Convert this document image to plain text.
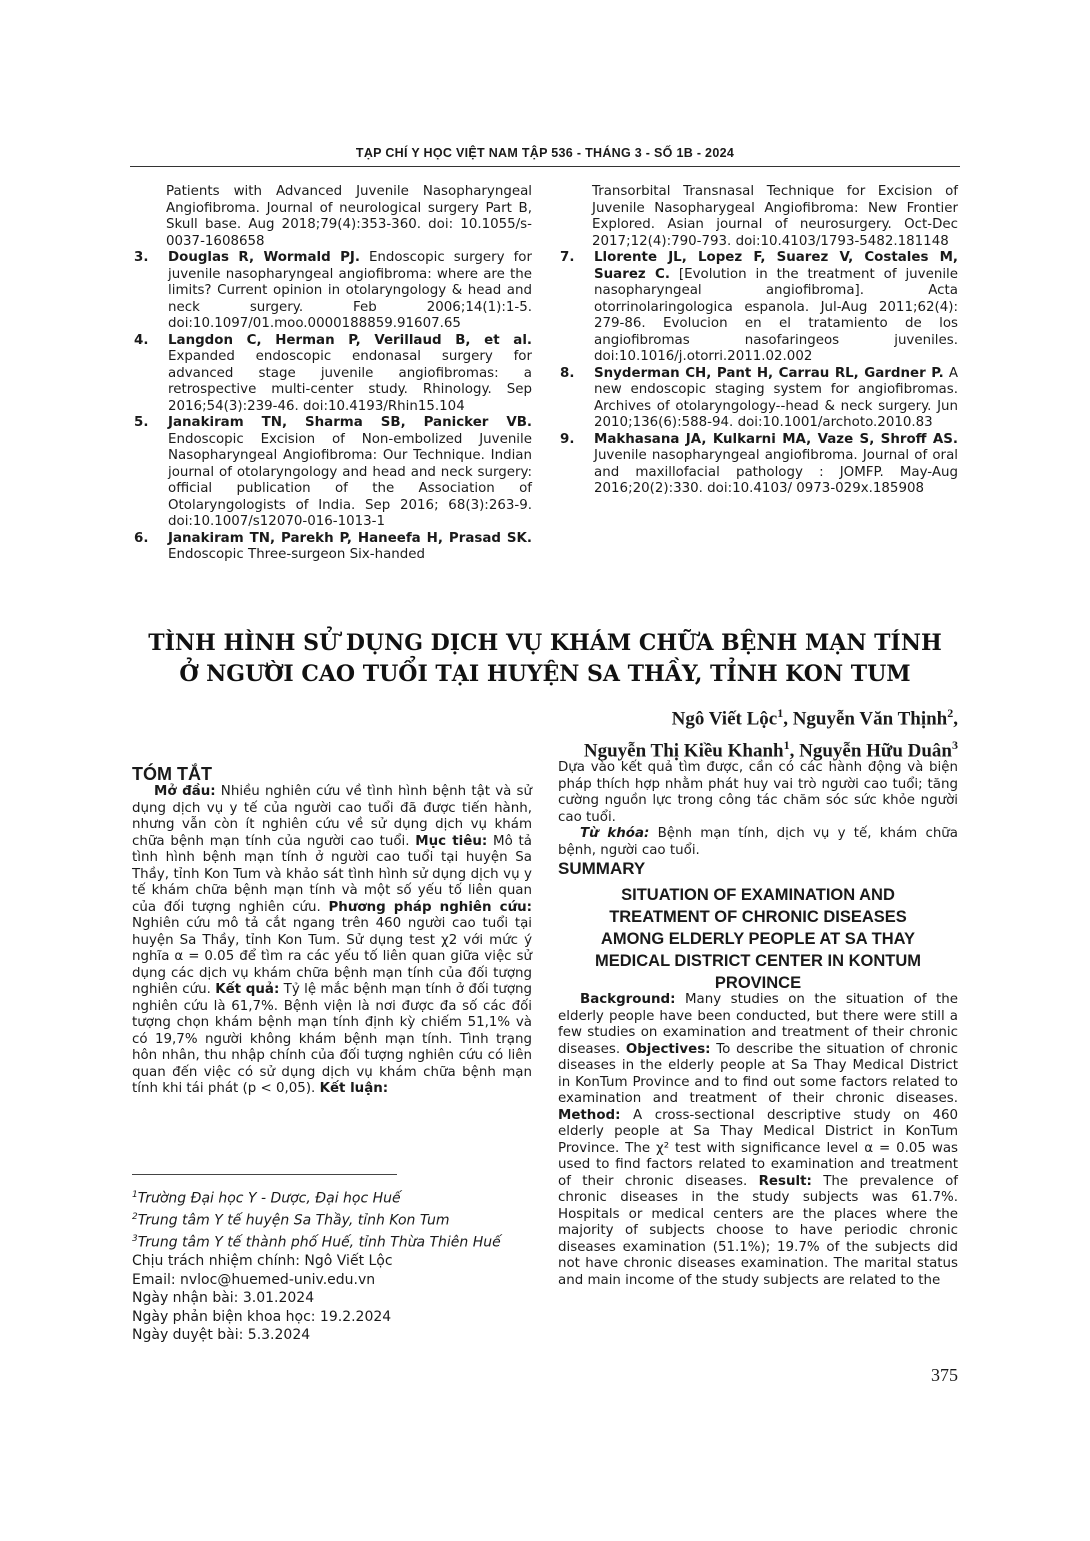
TẠP CHÍ Y HỌC VIỆT NAM TẬP 536 - THÁNG 3 - SỐ 1B - 2024
Patients with Advanced Juvenile Nasopharyngeal Angiofibroma. Journal of neurological surgery Part B, Skull base. Aug 2018;79(4):353-360. doi: 10.1055/s-0037-1608658
3.	Douglas R, Wormald PJ. Endoscopic surgery for juvenile nasopharyngeal angiofibroma: where are the limits? Current opinion in otolaryngology & head and neck surgery. Feb 2006;14(1):1-5. doi:10.1097/01.moo.0000188859.91607.65
4.	Langdon C, Herman P, Verillaud B, et al. Expanded endoscopic endonasal surgery for advanced stage juvenile angiofibromas: a retrospective multi-center study. Rhinology. Sep 2016;54(3):239-46. doi:10.4193/Rhin15.104
5.	Janakiram TN, Sharma SB, Panicker VB. Endoscopic Excision of Non-embolized Juvenile Nasopharyngeal Angiofibroma: Our Technique. Indian journal of otolaryngology and head and neck surgery: official publication of the Association of Otolaryngologists of India. Sep 2016; 68(3):263-9. doi:10.1007/s12070-016-1013-1
6.	Janakiram TN, Parekh P, Haneefa H, Prasad SK. Endoscopic Three-surgeon Six-handed
Transorbital Transnasal Technique for Excision of Juvenile Nasopharygeal Angiofibroma: New Frontier Explored. Asian journal of neurosurgery. Oct-Dec 2017;12(4):790-793. doi:10.4103/1793-5482.181148
7.	Llorente JL, Lopez F, Suarez V, Costales M, Suarez C. [Evolution in the treatment of juvenile nasopharyngeal angiofibroma]. Acta otorrinolaringologica espanola. Jul-Aug 2011;62(4): 279-86. Evolucion en el tratamiento de los angiofibromas nasofaringeos juveniles. doi:10.1016/j.otorri.2011.02.002
8.	Snyderman CH, Pant H, Carrau RL, Gardner P. A new endoscopic staging system for angiofibromas. Archives of otolaryngology--head & neck surgery. Jun 2010;136(6):588-94. doi:10.1001/archoto.2010.83
9.	Makhasana JA, Kulkarni MA, Vaze S, Shroff AS. Juvenile nasopharyngeal angiofibroma. Journal of oral and maxillofacial pathology : JOMFP. May-Aug 2016;20(2):330. doi:10.4103/ 0973-029x.185908
TÌNH HÌNH SỬ DỤNG DỊCH VỤ KHÁM CHỮA BỆNH MẠN TÍNH
Ở NGƯỜI CAO TUỔI TẠI HUYỆN SA THẦY, TỈNH KON TUM
Ngô Viết Lộc$^1$, Nguyễn Văn Thịnh$^2$,
Nguyễn Thị Kiều Khanh$^1$, Nguyễn Hữu Duân$^3$
TÓM TẮT

Mở đầu: Nhiều nghiên cứu về tình hình bệnh tật và sử dụng dịch vụ y tế của người cao tuổi đã được tiến hành, nhưng vẫn còn ít nghiên cứu về sử dụng dịch vụ khám chữa bệnh mạn tính của người cao tuổi. Mục tiêu: Mô tả tình hình bệnh mạn tính ở người cao tuổi tại huyện Sa Thầy, tỉnh Kon Tum và khảo sát tình hình sử dụng dịch vụ y tế khám chữa bệnh mạn tính và một số yếu tố liên quan của đối tượng nghiên cứu. Phương pháp nghiên cứu: Nghiên cứu mô tả cắt ngang trên 460 người cao tuổi tại huyện Sa Thầy, tỉnh Kon Tum. Sử dụng test χ2 với mức ý nghĩa α = 0.05 để tìm ra các yếu tố liên quan giữa việc sử dụng các dịch vụ khám chữa bệnh mạn tính của đối tượng nghiên cứu. Kết quả: Tỷ lệ mắc bệnh mạn tính ở đối tượng nghiên cứu là 61,7%. Bệnh viện là nơi được đa số các đối tượng chọn khám bệnh mạn tính định kỳ chiếm 51,1% và có 19,7% người không khám bệnh mạn tính. Tình trạng hôn nhân, thu nhập chính của đối tượng nghiên cứu có liên quan đến việc có sử dụng dịch vụ khám chữa bệnh mạn tính khi tái phát (p < 0,05). Kết luận:

Dựa vào kết quả tìm được, cần có các hành động và biện pháp thích hợp nhằm phát huy vai trò người cao tuổi; tăng cường nguồn lực trong công tác chăm sóc sức khỏe người cao tuổi.

Từ khóa: Bệnh mạn tính, dịch vụ y tế, khám chữa bệnh, người cao tuổi.

$^1$Trường Đại học Y - Dược, Đại học Huế
$^2$Trung tâm Y tế huyện Sa Thầy, tỉnh Kon Tum
$^3$Trung tâm Y tế thành phố Huế, tỉnh Thừa Thiên Huế
Chịu trách nhiệm chính: Ngô Viết Lộc
Email: nvloc@huemed-univ.edu.vn
Ngày nhận bài: 3.01.2024
Ngày phản biện khoa học: 19.2.2024
Ngày duyệt bài: 5.3.2024
SUMMARY
SITUATION OF EXAMINATION AND
TREATMENT OF CHRONIC DISEASES
AMONG ELDERLY PEOPLE AT SA THAY
MEDICAL DISTRICT CENTER IN KONTUM
PROVINCE

Background: Many studies on the situation of the elderly people have been conducted, but there were still a few studies on examination and treatment of their chronic diseases. Objectives: To describe the situation of chronic diseases in the elderly people at Sa Thay Medical District in KonTum Province and to find out some factors related to examination and treatment of their chronic diseases. Method: A cross-sectional descriptive study on 460 elderly people at Sa Thay Medical District in KonTum Province. The χ² test with significance level α = 0.05 was used to find factors related to examination and treatment of their chronic diseases. Result: The prevalence of chronic diseases in the study subjects was 61.7%. Hospitals or medical centers are the places where the majority of subjects choose to have periodic chronic diseases examination (51.1%); 19.7% of the subjects did not have chronic diseases examination. The marital status and main income of the study subjects are related to the

375
